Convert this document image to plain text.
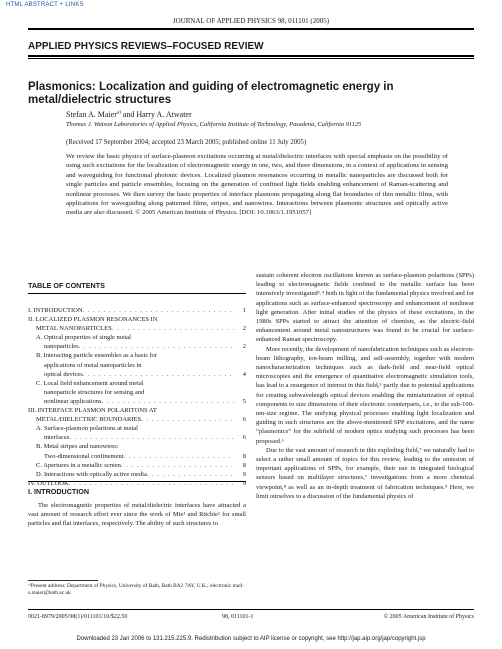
HTML ABSTRACT + LINKS
JOURNAL OF APPLIED PHYSICS 98, 011101 (2005)
APPLIED PHYSICS REVIEWS–FOCUSED REVIEW
Plasmonics: Localization and guiding of electromagnetic energy in metal/dielectric structures
Stefan A. Maier$^{a)}$ and Harry A. Atwater
Thomas J. Watson Laboratories of Applied Physics, California Institute of Technology, Pasadena, California 91125
(Received 17 September 2004; accepted 23 March 2005; published online 11 July 2005)
We review the basic physics of surface-plasmon excitations occurring at metal/dielectric interfaces with special emphasis on the possibility of using such excitations for the localization of electromagnetic energy in one, two, and three dimensions, in a context of applications in sensing and waveguiding for functional photonic devices. Localized plasmon resonances occurring in metallic nanoparticles are discussed both for single particles and particle ensembles, focusing on the generation of confined light fields enabling enhancement of Raman-scattering and nonlinear processes. We then survey the basic properties of interface plasmons propagating along flat boundaries of thin metallic films, with applications for waveguiding along patterned films, stripes, and nanowires. Interactions between plasmonic structures and optically active media are also discussed. © 2005 American Institute of Physics. [DOI: 10.1063/1.1951057]
TABLE OF CONTENTS
I. INTRODUCTION . . .	1
II. LOCALIZED PLASMON RESONANCES IN
METAL NANOPARTICLES . . .	2
A. Optical properties of single metal
nanoparticles . . .	2
B. Interacting particle ensembles as a basis for
applications of metal nanoparticles in
optical devices . . .	4
C. Local field enhancement around metal
nanoparticle structures for sensing and
nonlinear applications . . .	5
III. INTERFACE PLASMON POLARITONS AT
METAL/DIELECTRIC BOUNDARIES . . .	6
A. Surface-plasmon polaritons at metal
interfaces . . .	6
B. Metal stripes and nanowires:
Two-dimensional confinement . . .	8
C. Apertures in a metallic screen . . .	8
D. Interactions with optically active media . . .	9
IV. OUTLOOK . . .	9
I. INTRODUCTION

The electromagnetic properties of metal/dielectric interfaces have attracted a vast amount of research effort ever since the work of Mie¹ and Ritchie² for small particles and flat interfaces, respectively. The ability of such structures to

ᵃ⁾Present address: Department of Physics, University of Bath, Bath BA2 7AY, U.K.; electronic mail: s.maier@bath.ac.uk

sustain coherent electron oscillations known as surface-plasmon polaritons (SPPs) leading to electromagnetic fields confined to the metallic surface has been intensively investigated³˒⁴ both in light of the fundamental physics involved and for applications such as surface-enhanced spectroscopy and enhancement of nonlinear light generation. After initial studies of the physics of these excitations, in the 1980s SPPs started to attract the attention of chemists, as the electric-field enhancement around metal nanostructures was found to be crucial for surface-enhanced Raman spectroscopy.

More recently, the development of nanofabrication techniques such as electron-beam lithography, ion-beam milling, and self-assembly, together with modern nanocharacterization techniques such as dark-field and near-field optical microscopies and the emergence of quantitative electromagnetic simulation tools, has lead to a resurgence of interest in this field,⁵ partly due to potential applications for creating subwavelength optical devices enabling the miniaturization of optical components to size dimensions of their electronic counterparts, i.e., to the sub-100-nm-size regime. The unifying physical processes enabling light localization and guiding in such structures are the above-mentioned SPP excitations, and the name “plasmonics” for the subfield of modern optics studying such processes has been proposed.⁶

Due to the vast amount of research in this exploding field,⁷ we naturally had to select a rather small amount of topics for this review, leading to the omission of important applications of SPPs, for example, their use in integrated biological sensors based on multilayer structures,⁷ investigations from a more chemical viewpoint,⁸ as well as an in-depth treatment of fabrication techniques.⁹ Here, we limit ourselves to a discussion of the fundamental physics of

0021-8979/2005/98(1)/011101/10/$22.50	98, 011101-1	© 2005 American Institute of Physics
Downloaded 23 Jan 2006 to 131.215.225.9. Redistribution subject to AIP license or copyright, see http://jap.aip.org/jap/copyright.jsp
